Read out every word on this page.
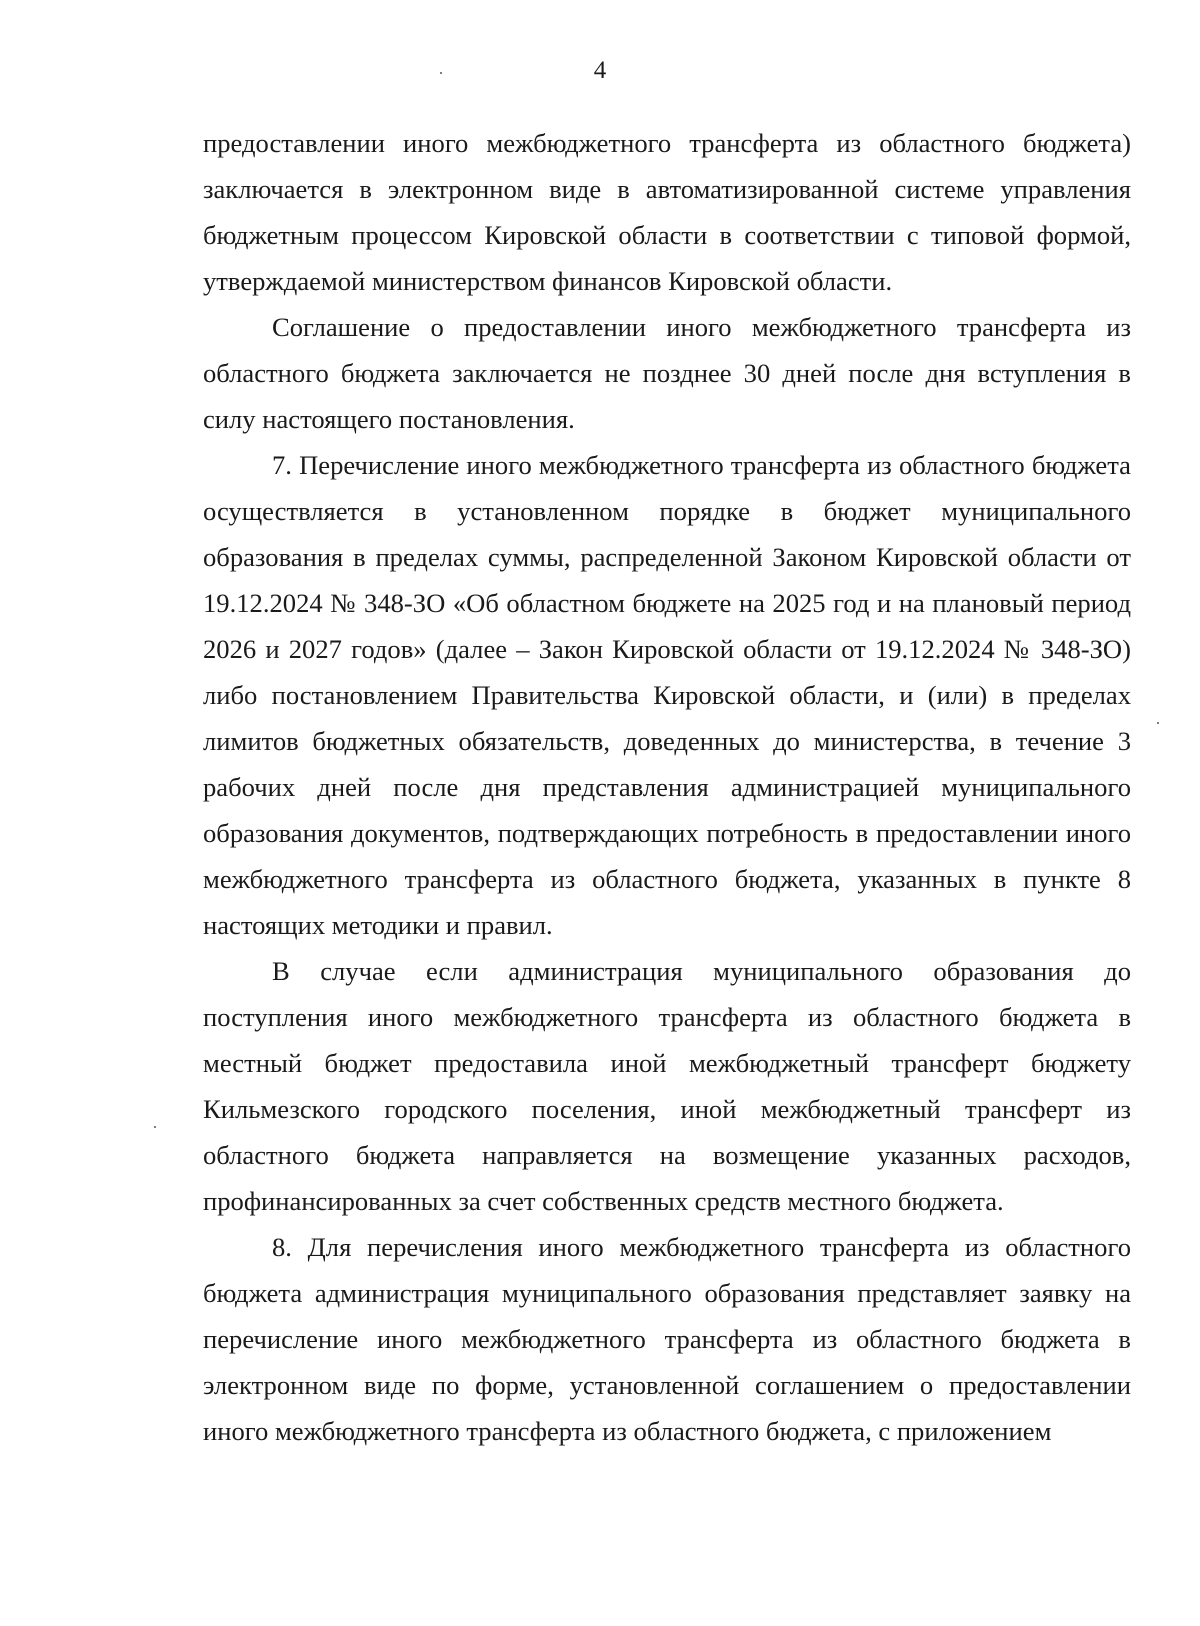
4

предоставлении иного межбюджетного трансферта из областного бюджета) заключается в электронном виде в автоматизированной системе управления бюджетным процессом Кировской области в соответствии с типовой формой, утверждаемой министерством финансов Кировской области.

Соглашение о предоставлении иного межбюджетного трансферта из областного бюджета заключается не позднее 30 дней после дня вступления в силу настоящего постановления.

7. Перечисление иного межбюджетного трансферта из областного бюджета осуществляется в установленном порядке в бюджет муниципального образования в пределах суммы, распределенной Законом Кировской области от 19.12.2024 № 348-ЗО «Об областном бюджете на 2025 год и на плановый период 2026 и 2027 годов» (далее – Закон Кировской области от 19.12.2024 № 348-ЗО) либо постановлением Правительства Кировской области, и (или) в пределах лимитов бюджетных обязательств, доведенных до министерства, в течение 3 рабочих дней после дня представления администрацией муниципального образования документов, подтверждающих потребность в предоставлении иного межбюджетного трансферта из областного бюджета, указанных в пункте 8 настоящих методики и правил.

В случае если администрация муниципального образования до поступления иного межбюджетного трансферта из областного бюджета в местный бюджет предоставила иной межбюджетный трансферт бюджету Кильмезского городского поселения, иной межбюджетный трансферт из областного бюджета направляется на возмещение указанных расходов, профинансированных за счет собственных средств местного бюджета.

8. Для перечисления иного межбюджетного трансферта из областного бюджета администрация муниципального образования представляет заявку на перечисление иного межбюджетного трансферта из областного бюджета в электронном виде по форме, установленной соглашением о предоставлении иного межбюджетного трансферта из областного бюджета, с приложением
